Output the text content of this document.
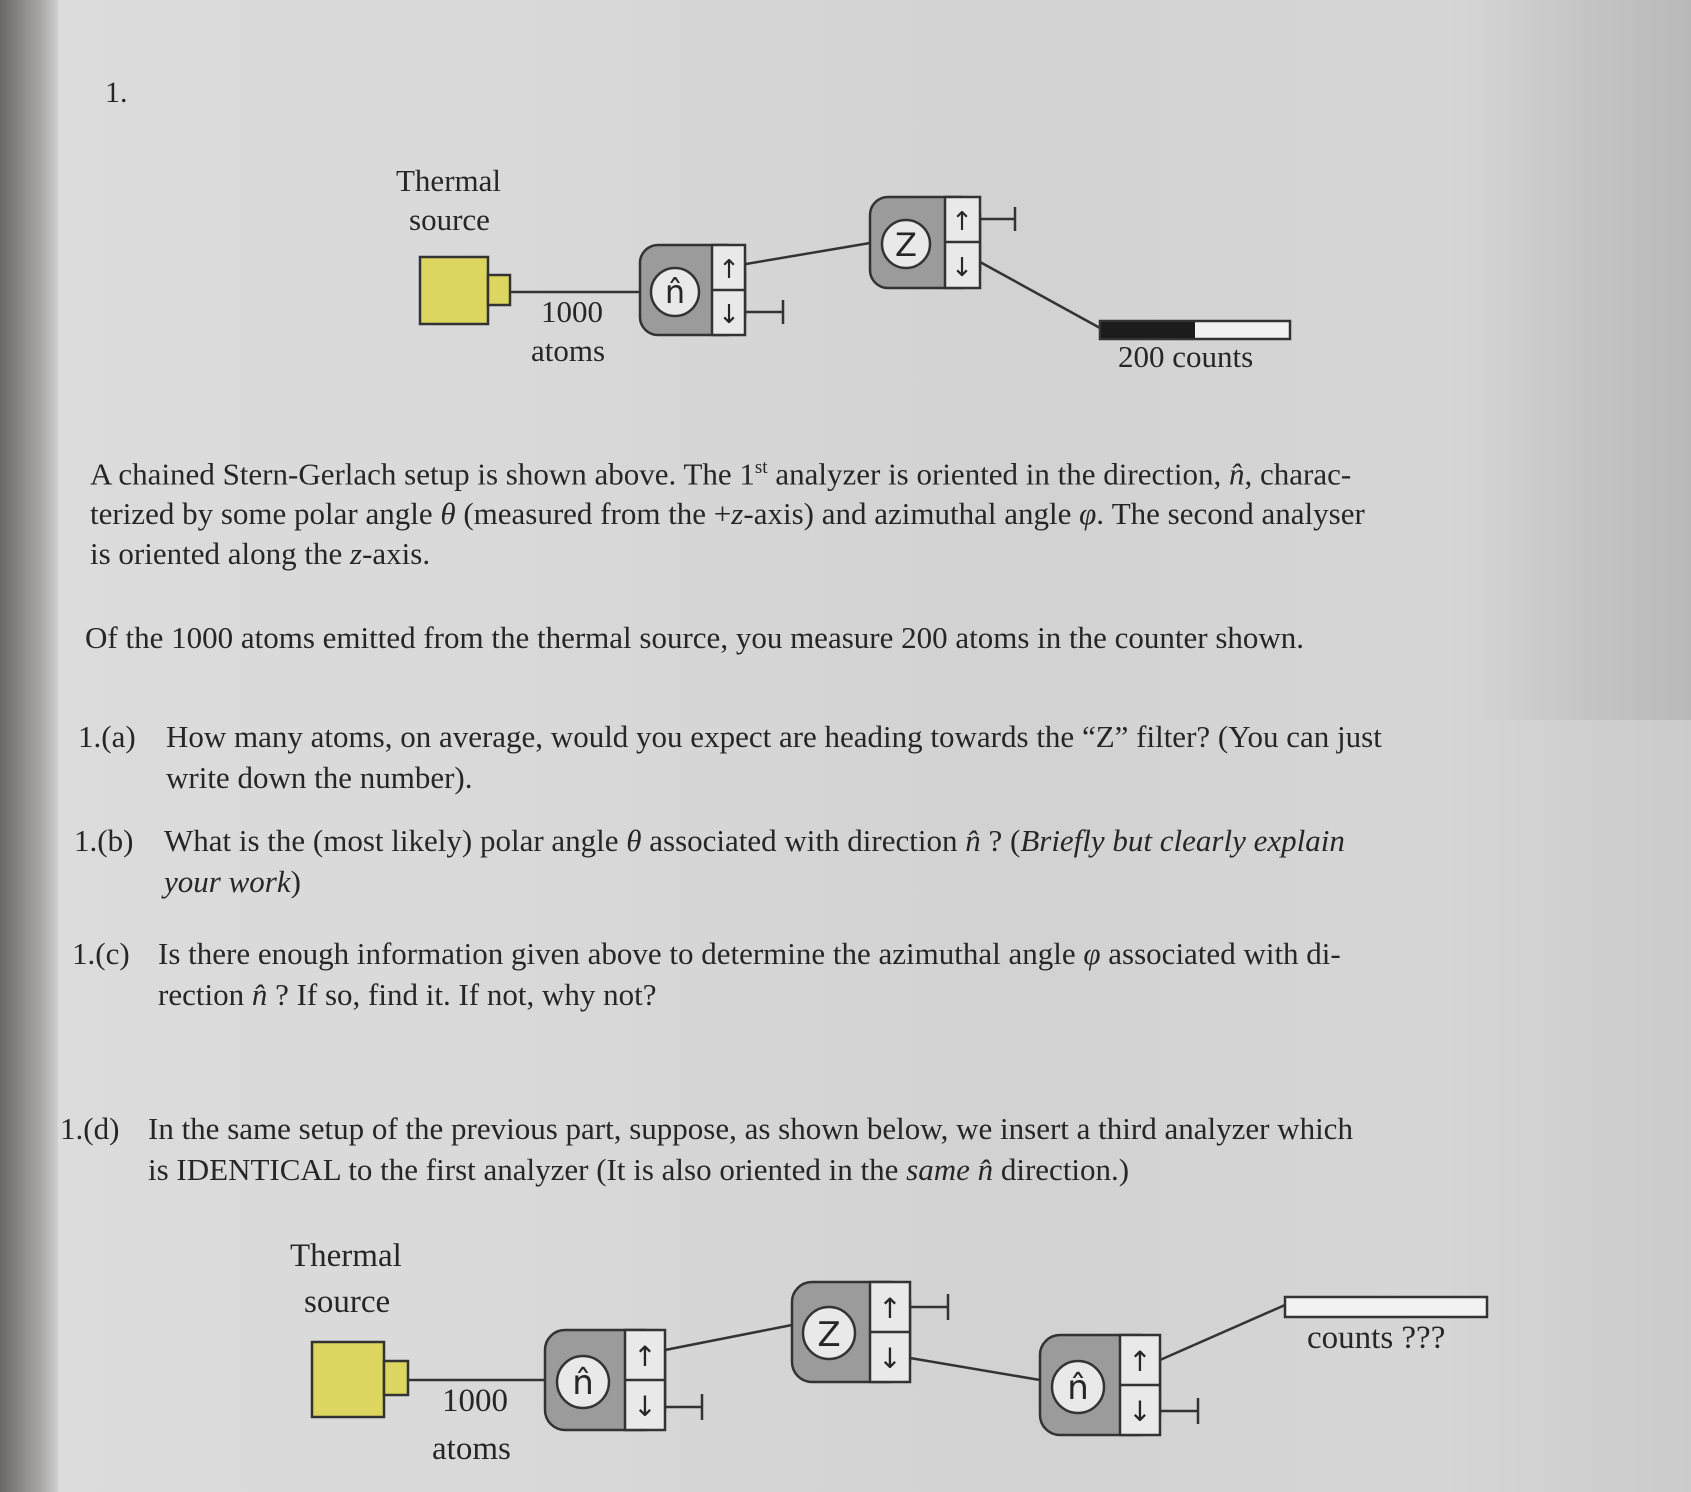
1.
n̂
↑
↓
Z
↑
↓
Thermal
source
1000
atoms	200 counts
A chained Stern-Gerlach setup is shown above. The 1st analyzer is oriented in the direction, n̂, charac-
terized by some polar angle θ (measured from the +z-axis) and azimuthal angle φ. The second analyser
is oriented along the z-axis.
Of the 1000 atoms emitted from the thermal source, you measure 200 atoms in the counter shown.
1.(a) How many atoms, on average, would you expect are heading towards the “Z” filter? (You can just
write down the number).
1.(b) What is the (most likely) polar angle θ associated with direction n̂ ? (Briefly but clearly explain
your work)
1.(c) Is there enough information given above to determine the azimuthal angle φ associated with di-
rection n̂ ? If so, find it. If not, why not?
1.(d) In the same setup of the previous part, suppose, as shown below, we insert a third analyzer which
is IDENTICAL to the first analyzer (It is also oriented in the same n̂ direction.)
n̂
↑
↓
Z
↑
↓
n̂
↑
↓
Thermal
source
1000
atoms
counts ???
